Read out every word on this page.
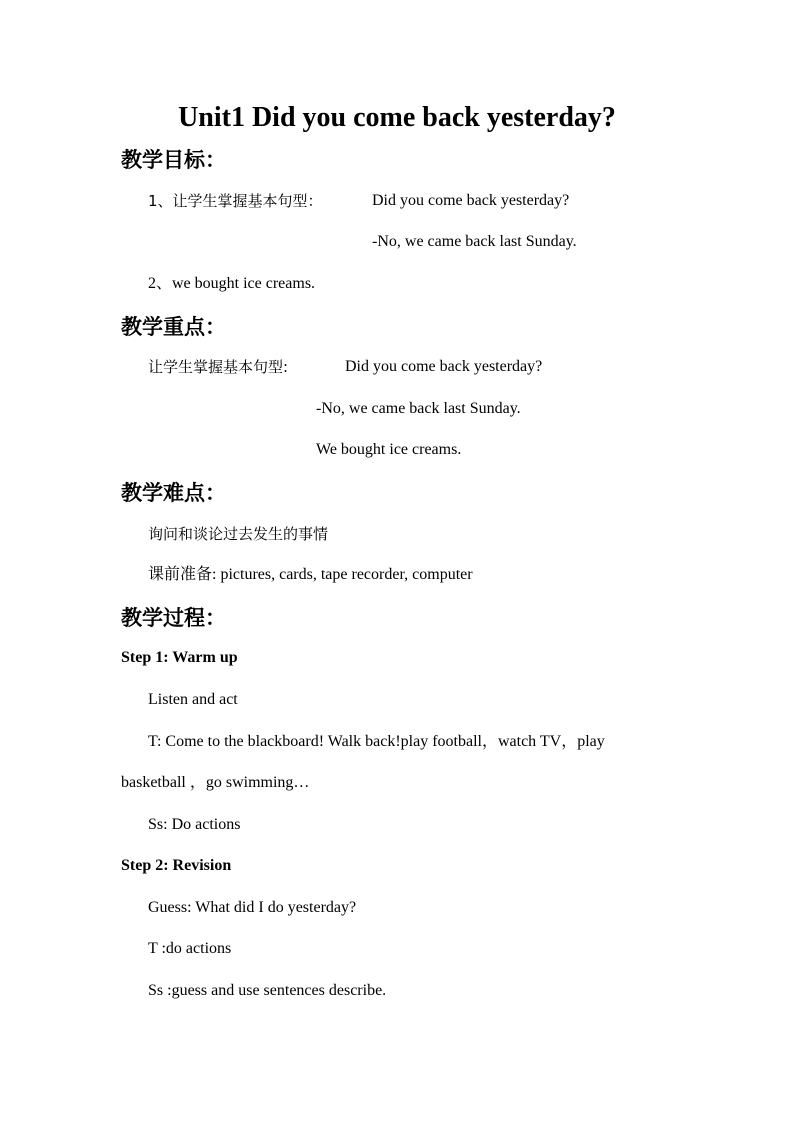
Unit1 Did you come back yesterday?
教学目标：
1、让学生掌握基本句型：	Did you come back yesterday?
-No, we came back last Sunday.
2、we bought ice creams.
教学重点：
让学生掌握基本句型:	Did you come back yesterday?
-No, we came back last Sunday.
We bought ice creams.
教学难点：
询问和谈论过去发生的事情
课前准备: pictures, cards, tape recorder, computer
教学过程：
Step 1: Warm up
Listen and act
T: Come to the blackboard! Walk back!play football，watch TV，play
basketball ，go swimming…
Ss: Do actions
Step 2: Revision
Guess: What did I do yesterday?
T :do actions
Ss :guess and use sentences describe.
